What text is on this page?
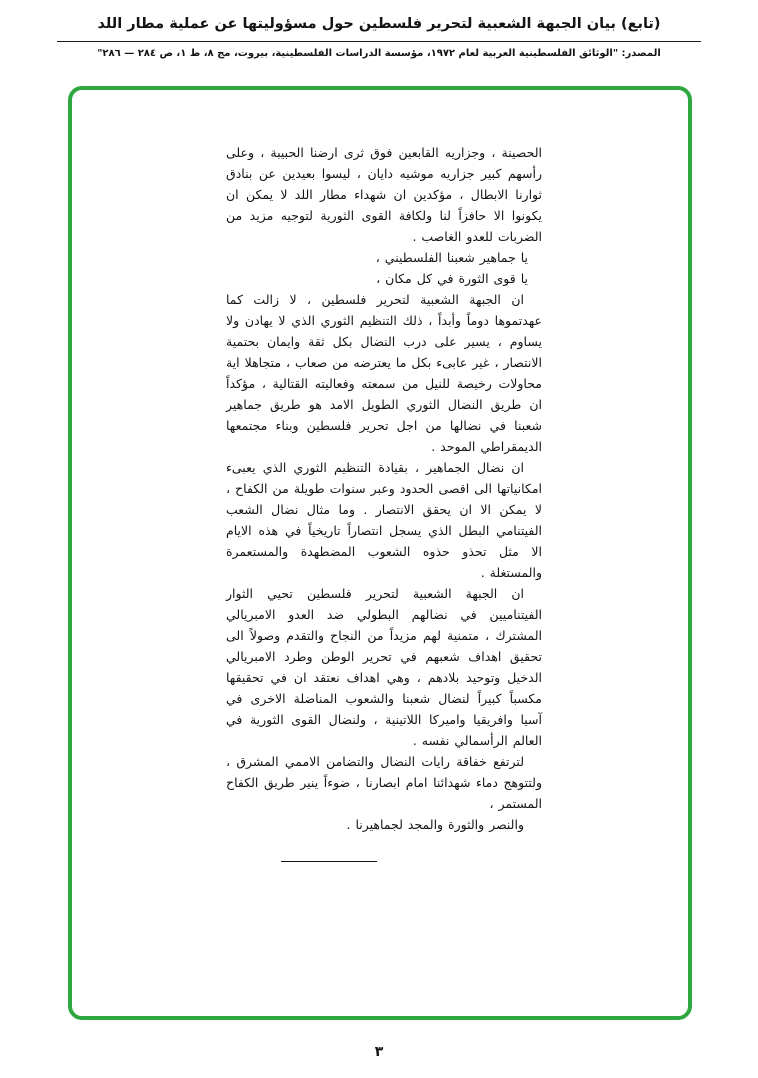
(تابع) بيان الجبهة الشعبية لتحرير فلسطين حول مسؤوليتها عن عملية مطار اللد
المصدر: "الوثائق الفلسطينية العربية لعام ١٩٧٢، مؤسسة الدراسات الفلسطينية، بيروت، مج ٨، ط ١، ص ٢٨٤ — ٢٨٦"

الحصينة ، وجزاريه القابعين فوق ثرى ارضنا الحبيبة ، وعلى رأسهم كبير جزاريه موشيه دايان ، ليسوا بعيدين عن بنادق ثوارنا الابطال ، مؤكدين ان شهداء مطار اللد لا يمكن ان يكونوا الا حافزاً لنا ولكافة القوى الثورية لتوجيه مزيد من الضربات للعدو الغاصب .

يا جماهير شعبنا الفلسطيني ،

يا قوى الثورة في كل مكان ،

ان الجبهة الشعبية لتحرير فلسطين ، لا زالت كما عهدتموها دوماً وأبداً ، ذلك التنظيم الثوري الذي لا يهادن ولا يساوم ، يسير على درب النضال بكل ثقة وايمان بحتمية الانتصار ، غير عابىء بكل ما يعترضه من صعاب ، متجاهلا اية محاولات رخيصة للنيل من سمعته وفعاليته القتالية ، مؤكداً ان طريق النضال الثوري الطويل الامد هو طريق جماهير شعبنا في نضالها من اجل تحرير فلسطين وبناء مجتمعها الديمقراطي الموحد .

ان نضال الجماهير ، بقيادة التنظيم الثوري الذي يعبىء امكانياتها الى اقصى الحدود وعبر سنوات طويلة من الكفاح ، لا يمكن الا ان يحقق الانتصار . وما مثال نضال الشعب الفيتنامي البطل الذي يسجل انتصاراً تاريخياً في هذه الايام الا مثل تحذو حذوه الشعوب المضطهدة والمستعمرة والمستغلة .

ان الجبهة الشعبية لتحرير فلسطين تحيي الثوار الفيتناميين في نضالهم البطولي ضد العدو الامبريالي المشترك ، متمنية لهم مزيداً من النجاح والتقدم وصولاً الى تحقيق اهداف شعبهم في تحرير الوطن وطرد الامبريالي الدخيل وتوحيد بلادهم ، وهي اهداف نعتقد ان في تحقيقها مكسباً كبيراً لنضال شعبنا والشعوب المناضلة الاخرى في آسيا وافريقيا واميركا اللاتينية ، ولنضال القوى الثورية في العالم الرأسمالي نفسه .

لترتفع خفاقة رايات النضال والتضامن الاممي المشرق ، ولتتوهج دماء شهدائنا امام ابصارنا ، ضوءاً ينير طريق الكفاح المستمر ،

والنصر والثورة والمجد لجماهيرنا .

٣
